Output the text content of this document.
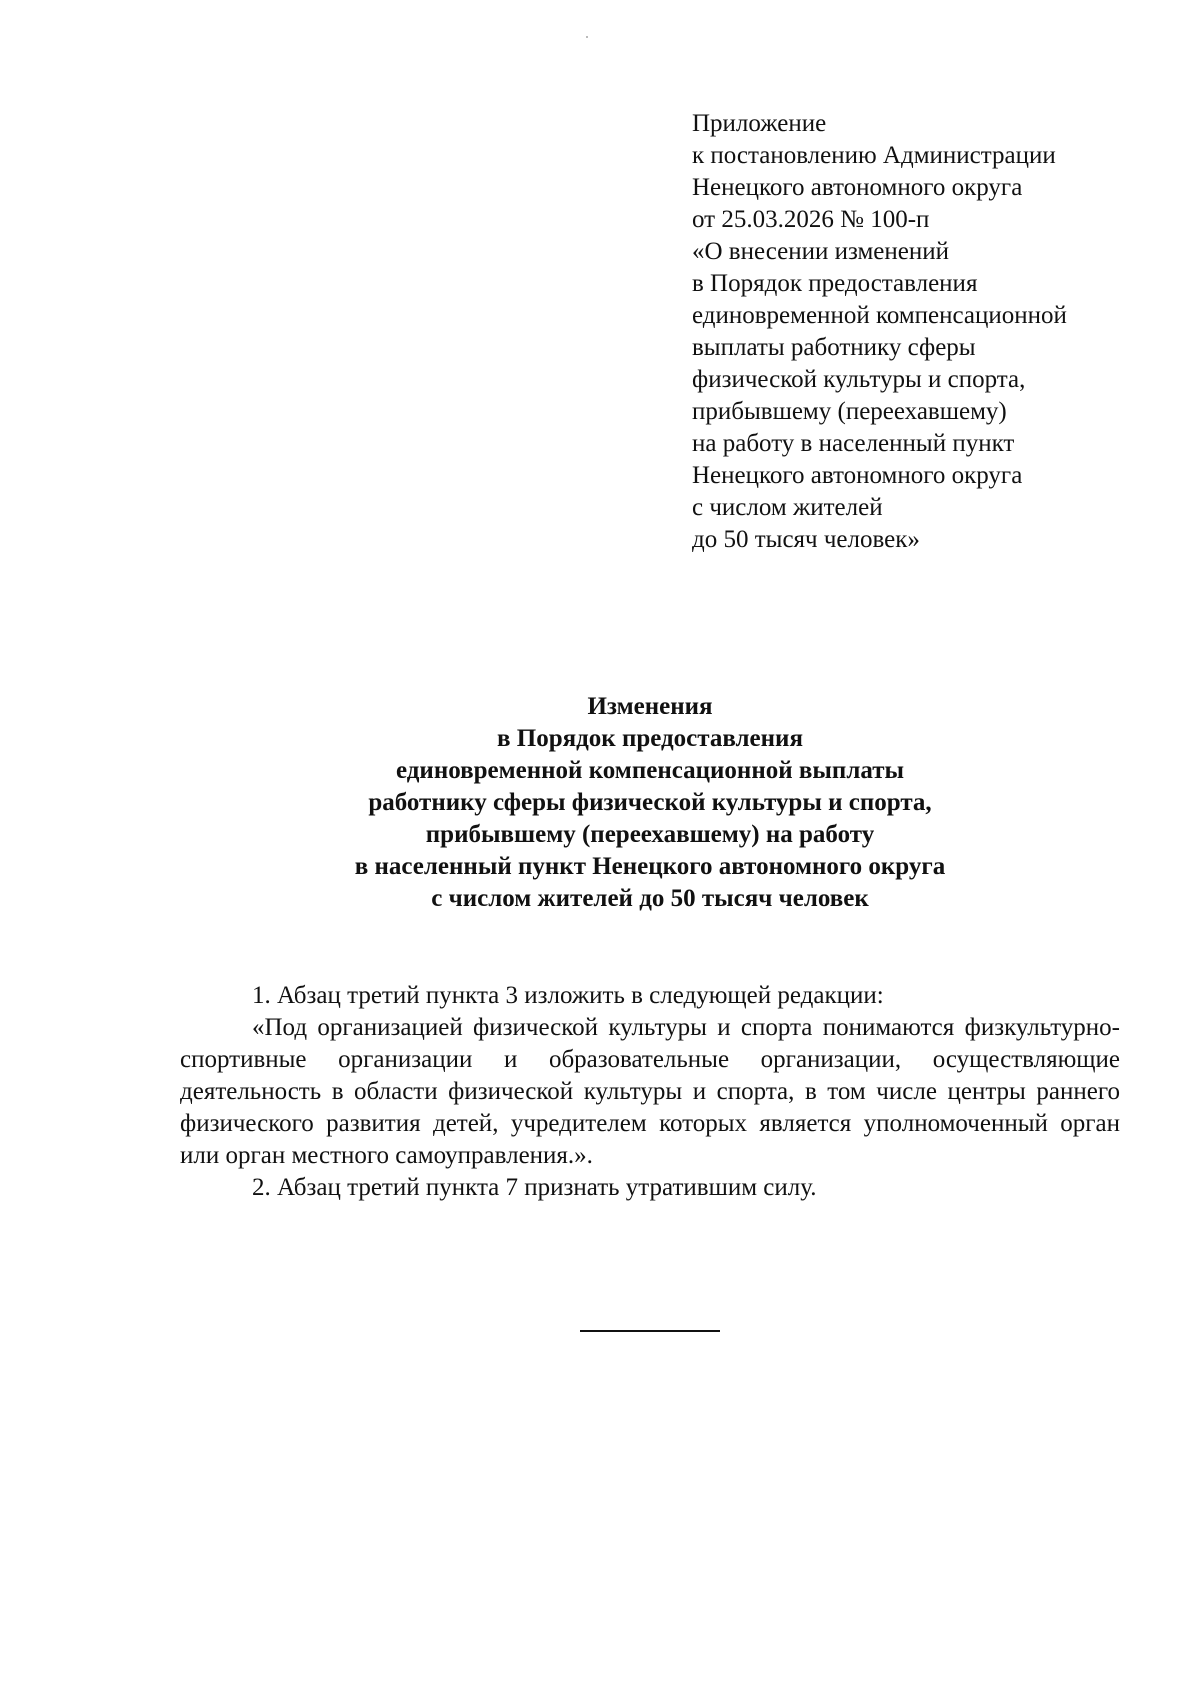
Приложение
к постановлению Администрации
Ненецкого автономного округа
от 25.03.2026 № 100-п
«О внесении изменений
в Порядок предоставления
единовременной компенсационной
выплаты работнику сферы
физической культуры и спорта,
прибывшему (переехавшему)
на работу в населенный пункт
Ненецкого автономного округа
с числом жителей
до 50 тысяч человек»
Изменения
в Порядок предоставления
единовременной компенсационной выплаты
работнику сферы физической культуры и спорта,
прибывшему (переехавшему) на работу
в населенный пункт Ненецкого автономного округа
с числом жителей до 50 тысяч человек

1. Абзац третий пункта 3 изложить в следующей редакции:

«Под организацией физической культуры и спорта понимаются физкультурно-спортивные организации и образовательные организации, осуществляющие деятельность в области физической культуры и спорта, в том числе центры раннего физического развития детей, учредителем которых является уполномоченный орган или орган местного самоуправления.».

2. Абзац третий пункта 7 признать утратившим силу.
